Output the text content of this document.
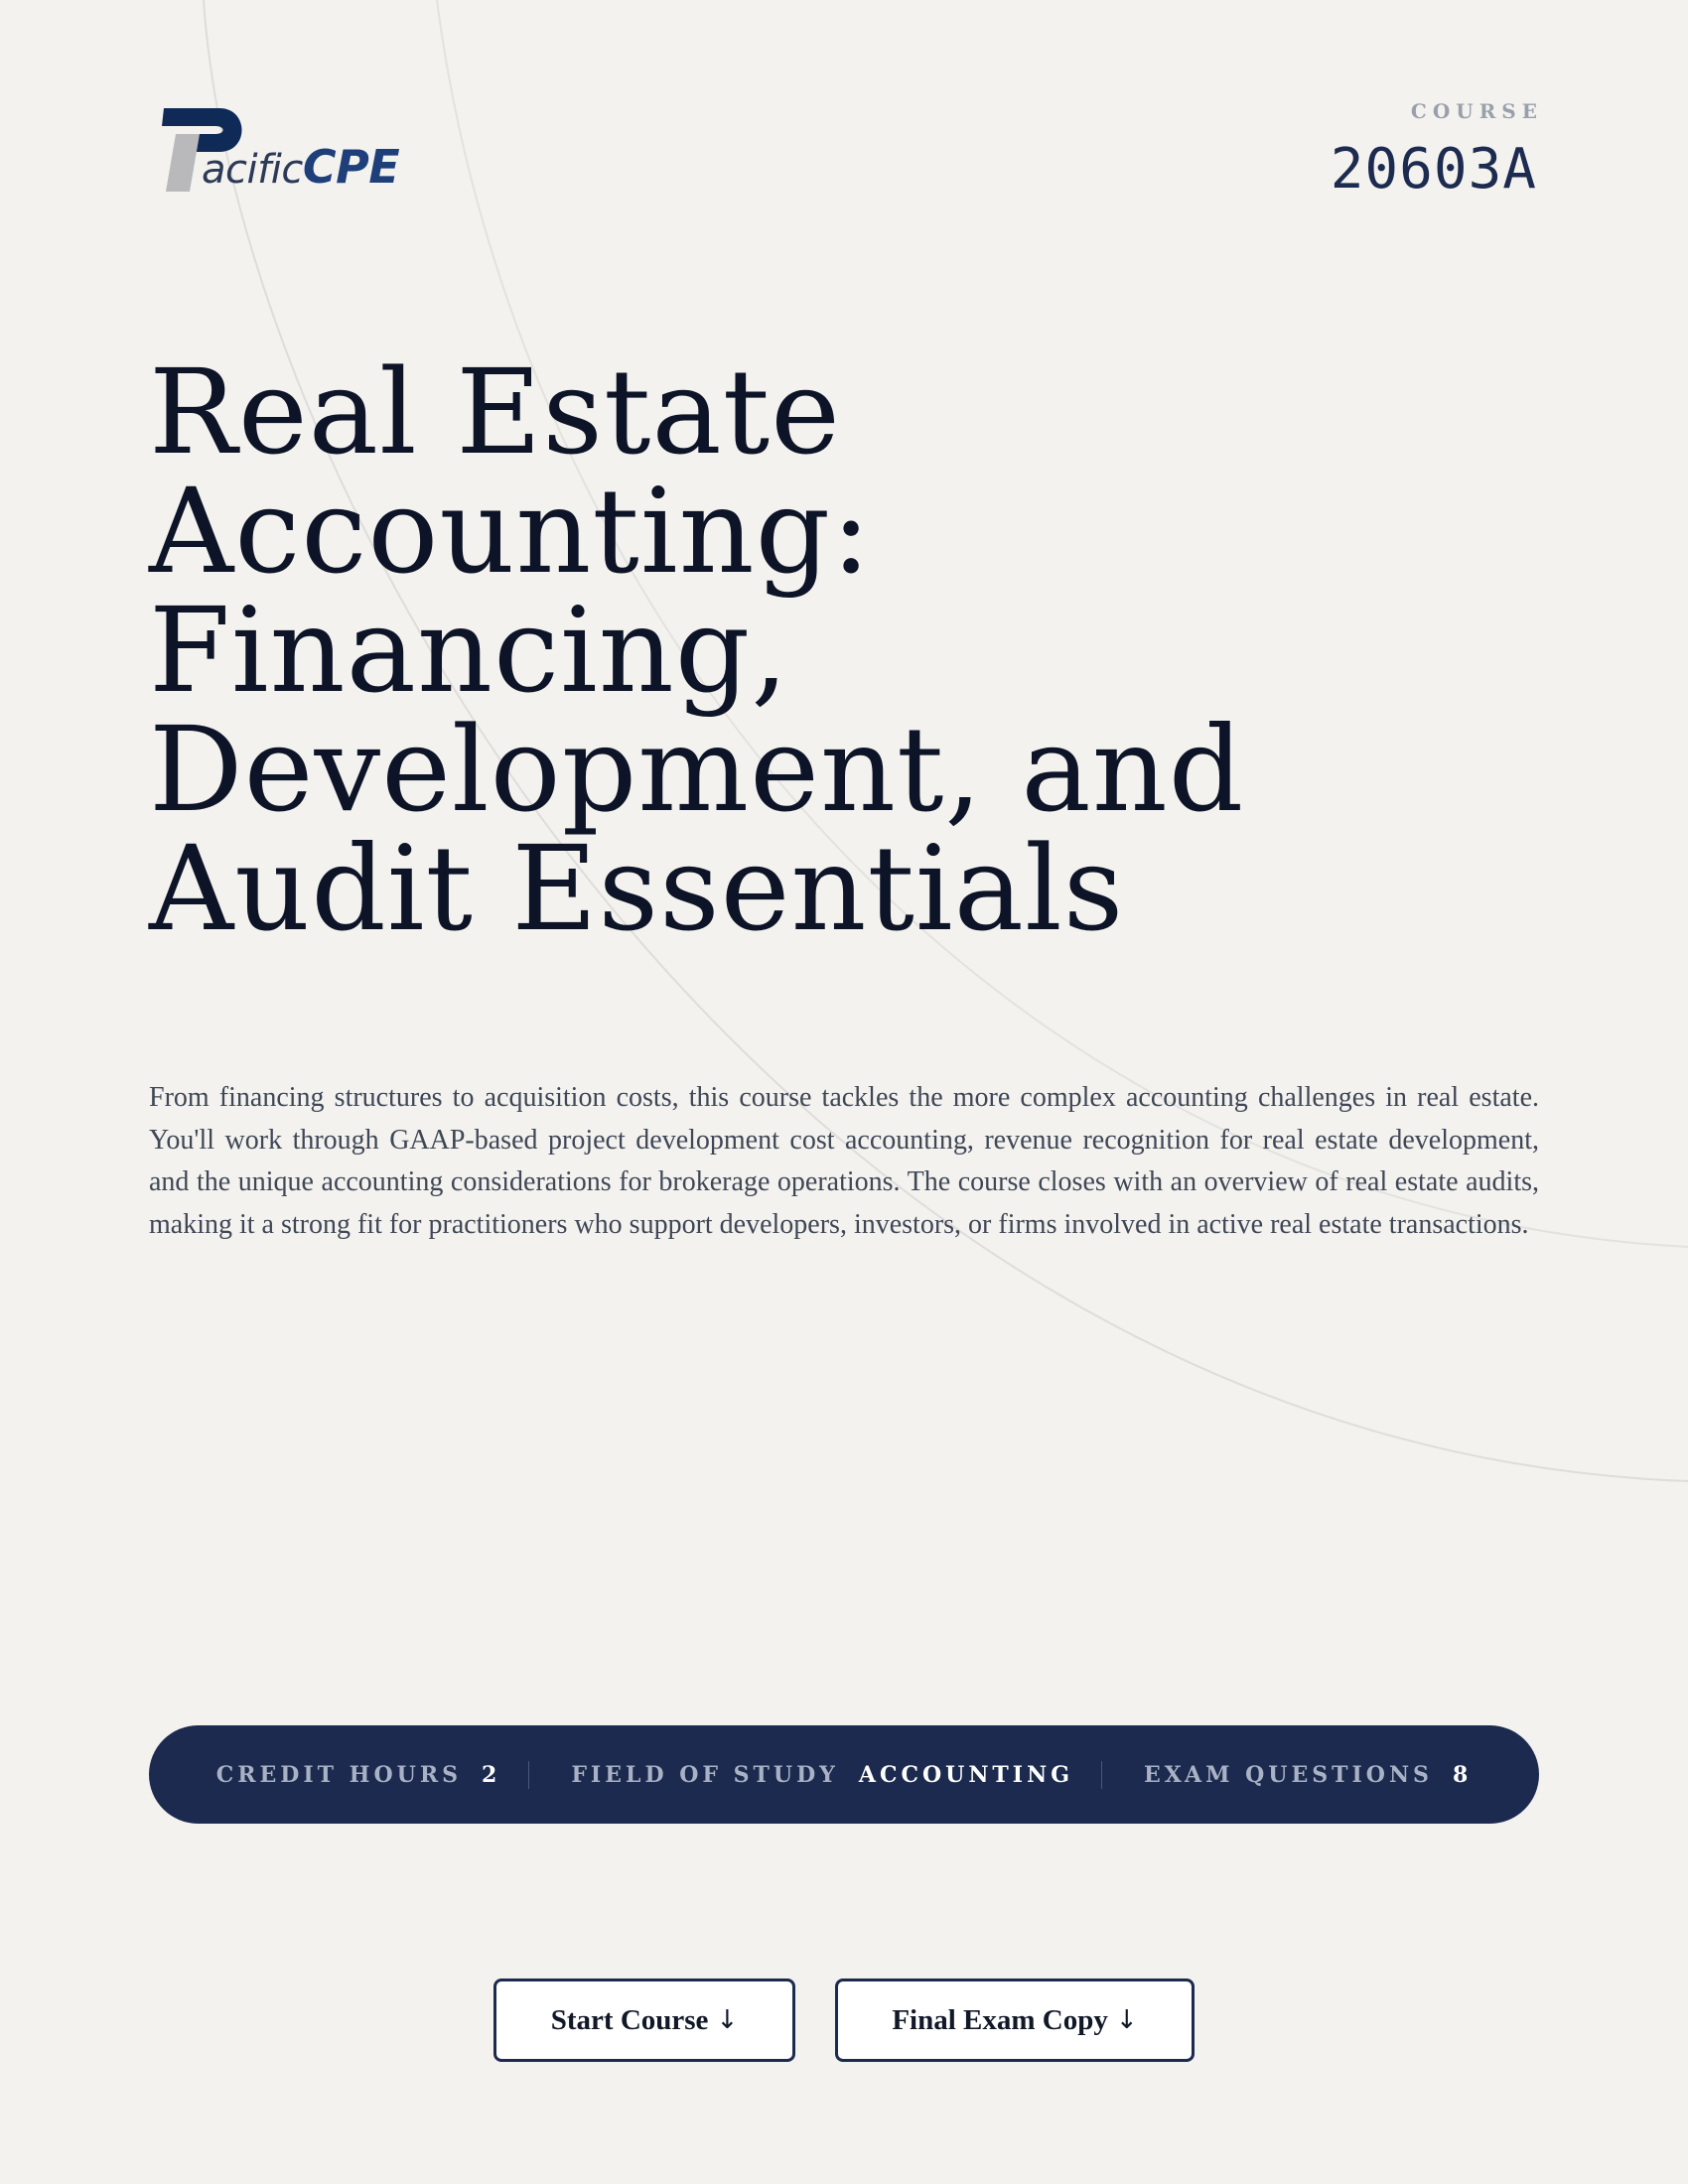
acificCPE
COURSE
20603A
Real Estate
Accounting:
Financing,
Development, and
Audit Essentials

From financing structures to acquisition costs, this course tackles the more complex accounting challenges in real estate. You'll work through GAAP-based project development cost accounting, revenue recognition for real estate development, and the unique accounting considerations for brokerage operations. The course closes with an overview of real estate audits, making it a strong fit for practitioners who support developers, investors, or firms involved in active real estate transactions.

CREDIT HOURS 2	FIELD OF STUDY ACCOUNTING	EXAM QUESTIONS 8
Start Course ↓	Final Exam Copy ↓
